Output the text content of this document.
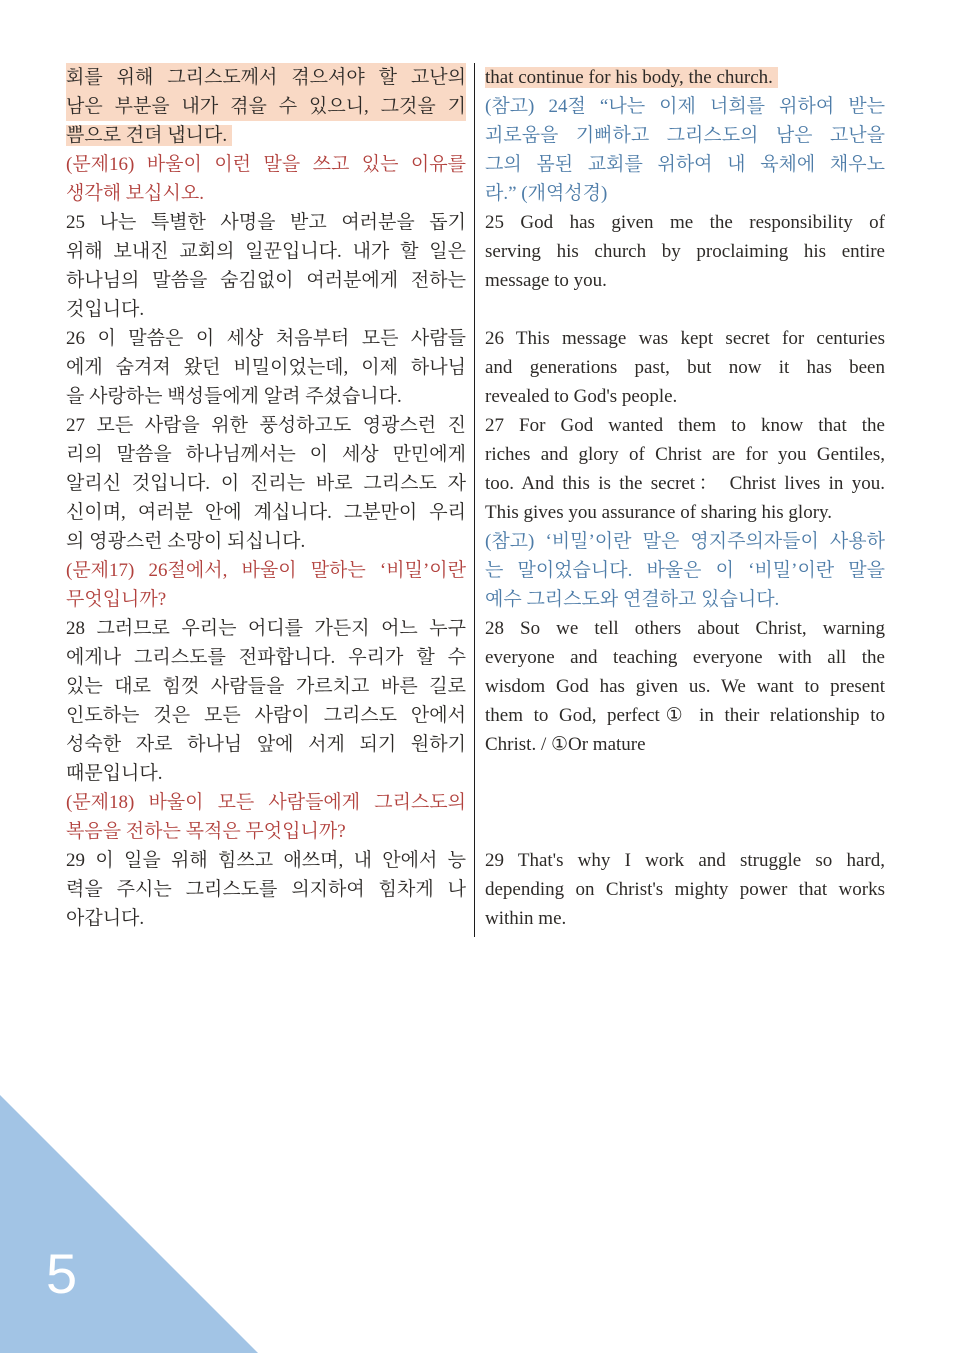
회를 위해 그리스도께서 겪으셔야 할 고난의
남은 부분을 내가 겪을 수 있으니, 그것을 기
쁨으로 견뎌 냅니다.
(문제16) 바울이 이런 말을 쓰고 있는 이유를
생각해 보십시오.
25 나는 특별한 사명을 받고 여러분을 돕기
위해 보내진 교회의 일꾼입니다. 내가 할 일은
하나님의 말씀을 숨김없이 여러분에게 전하는
것입니다.
26 이 말씀은 이 세상 처음부터 모든 사람들
에게 숨겨져 왔던 비밀이었는데, 이제 하나님
을 사랑하는 백성들에게 알려 주셨습니다.
27 모든 사람을 위한 풍성하고도 영광스런 진
리의 말씀을 하나님께서는 이 세상 만민에게
알리신 것입니다. 이 진리는 바로 그리스도 자
신이며, 여러분 안에 계십니다. 그분만이 우리
의 영광스런 소망이 되십니다.
(문제17) 26절에서, 바울이 말하는 ‘비밀’이란
무엇입니까?
28 그러므로 우리는 어디를 가든지 어느 누구
에게나 그리스도를 전파합니다. 우리가 할 수
있는 대로 힘껏 사람들을 가르치고 바른 길로
인도하는 것은 모든 사람이 그리스도 안에서
성숙한 자로 하나님 앞에 서게 되기 원하기
때문입니다.
(문제18) 바울이 모든 사람들에게 그리스도의
복음을 전하는 목적은 무엇입니까?
29 이 일을 위해 힘쓰고 애쓰며, 내 안에서 능
력을 주시는 그리스도를 의지하여 힘차게 나
아갑니다.
that continue for his body, the church.
(참고) 24절 “나는 이제 너희를 위하여 받는
괴로움을 기뻐하고 그리스도의 남은 고난을
그의 몸된 교회를 위하여 내 육체에 채우노
라.” (개역성경)
25 God has given me the responsibility of
serving his church by proclaiming his entire
message to you.

26 This message was kept secret for centuries
and generations past, but now it has been
revealed to God's people.
27 For God wanted them to know that the
riches and glory of Christ are for you Gentiles,
too. And this is the secret： Christ lives in you.
This gives you assurance of sharing his glory.
(참고) ‘비밀’이란 말은 영지주의자들이 사용하
는 말이었습니다. 바울은 이 ‘비밀’이란 말을
예수 그리스도와 연결하고 있습니다.
28 So we tell others about Christ, warning
everyone and teaching everyone with all the
wisdom God has given us. We want to present
them to God, perfect① in their relationship to
Christ. / ①Or mature

29 That's why I work and struggle so hard,
depending on Christ's mighty power that works
within me.
5
